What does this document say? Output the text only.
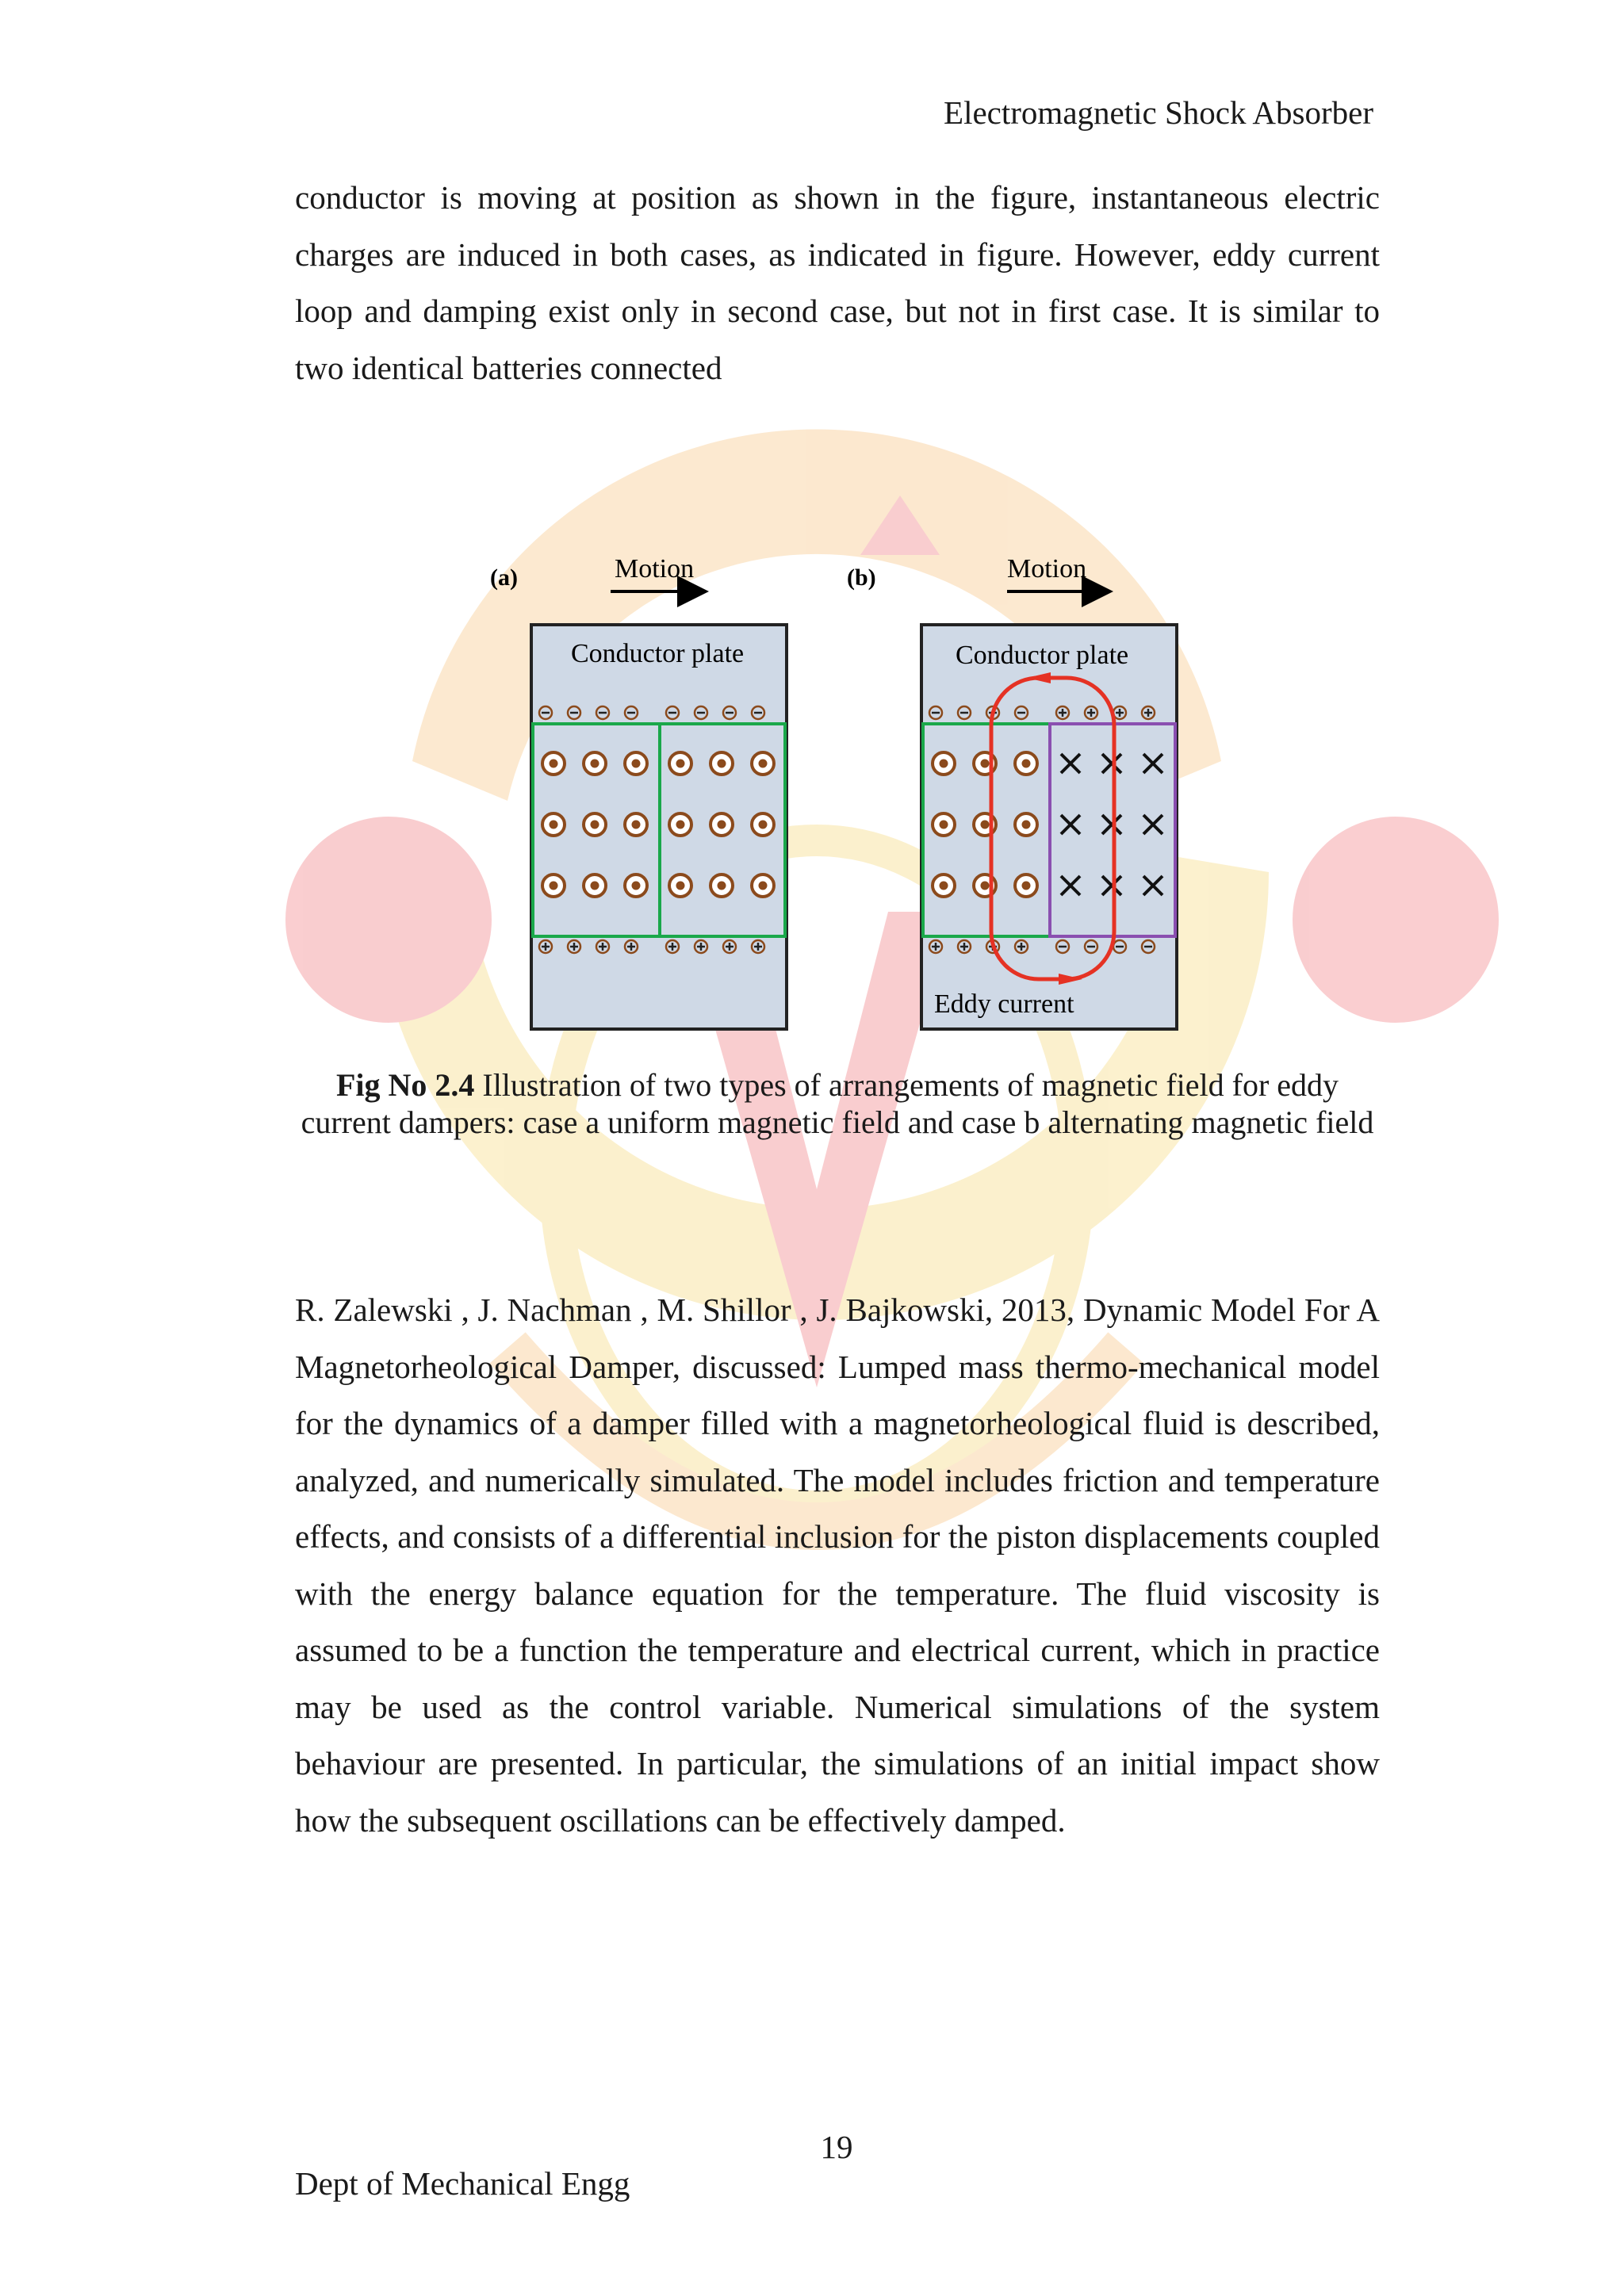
Electromagnetic Shock Absorber

conductor is moving at position as shown in the figure, instantaneous electric charges are induced in both cases, as indicated in figure. However, eddy current loop and damping exist only in second case, but not in first case. It is similar to two identical batteries connected

(a)	Motion
Conductor plate
(b)	Motion
Conductor plate
Eddy current

Fig No 2.4 Illustration of two types of arrangements of magnetic field for eddy current dampers: case a uniform magnetic field and case b alternating magnetic field

R. Zalewski , J. Nachman , M. Shillor , J. Bajkowski, 2013, Dynamic Model For A Magnetorheological Damper, discussed: Lumped mass thermo-mechanical model for the dynamics of a damper filled with a magnetorheological fluid is described, analyzed, and numerically simulated. The model includes friction and temperature effects, and consists of a differential inclusion for the piston displacements coupled with the energy balance equation for the temperature. The fluid viscosity is assumed to be a function the temperature and electrical current, which in practice may be used as the control variable. Numerical simulations of the system behaviour are presented. In particular, the simulations of an initial impact show how the subsequent oscillations can be effectively damped.

19
Dept of Mechanical Engg
